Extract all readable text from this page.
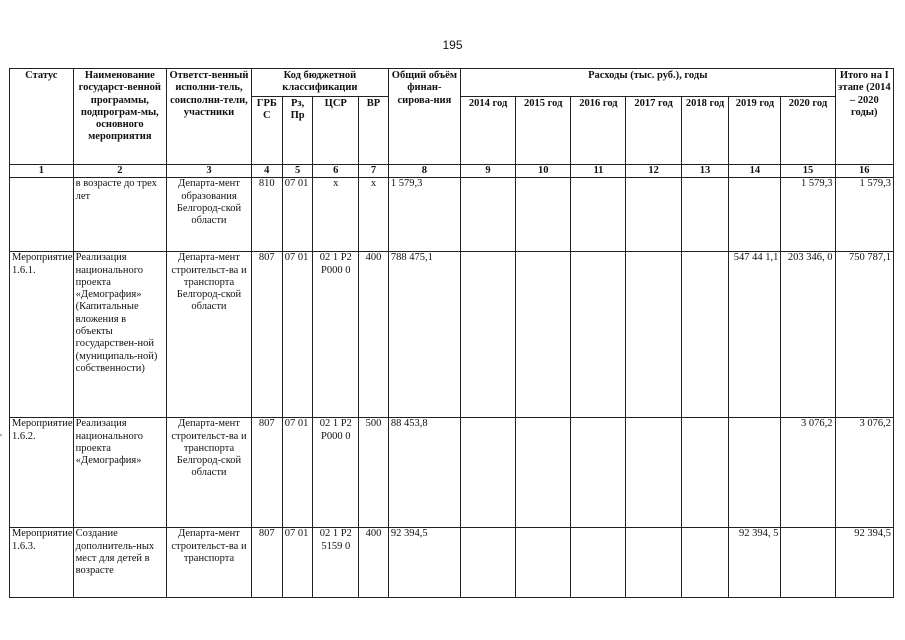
195
'
Статус	Наименование государст-венной программы, подпрограм-мы, основного мероприятия	Ответст-венный исполни-тель, соисполни-тели, участники	Код бюджетной классификации				Общий объём финан-сирова-ния	Расходы (тыс. руб.), годы							Итого на I этапе (2014 – 2020 годы)
			ГРБ С	Рз, Пр	ЦСР	ВР		2014 год	2015 год	2016 год	2017 год	2018 год	2019 год	2020 год	
1	2	3	4	5	6	7	8	9	10	11	12	13	14	15	16
	в возрасте до трех лет	Департа-мент образования Белгород-ской области	810	07 01	х	х	1 579,3							1 579,3	1 579,3
Мероприятие 1.6.1.	Реализация национального проекта «Демография» (Капитальные вложения в объекты государствен-ной (муниципаль-ной) собственности)	Департа-мент строительст-ва и транспорта Белгород-ской области	807	07 01	02 1 P2 P000 0	400	788 475,1						547 44 1,1	203 346, 0	750 787,1
Мероприятие 1.6.2.	Реализация национального проекта «Демография»	Департа-мент строительст-ва и транспорта Белгород-ской области	807	07 01	02 1 P2 P000 0	500	88 453,8							3 076,2	3 076,2
Мероприятие 1.6.3.	Создание дополнитель-ных мест для детей в возрасте	Департа-мент строительст-ва и транспорта	807	07 01	02 1 P2 5159 0	400	92 394,5						92 394, 5		92 394,5
